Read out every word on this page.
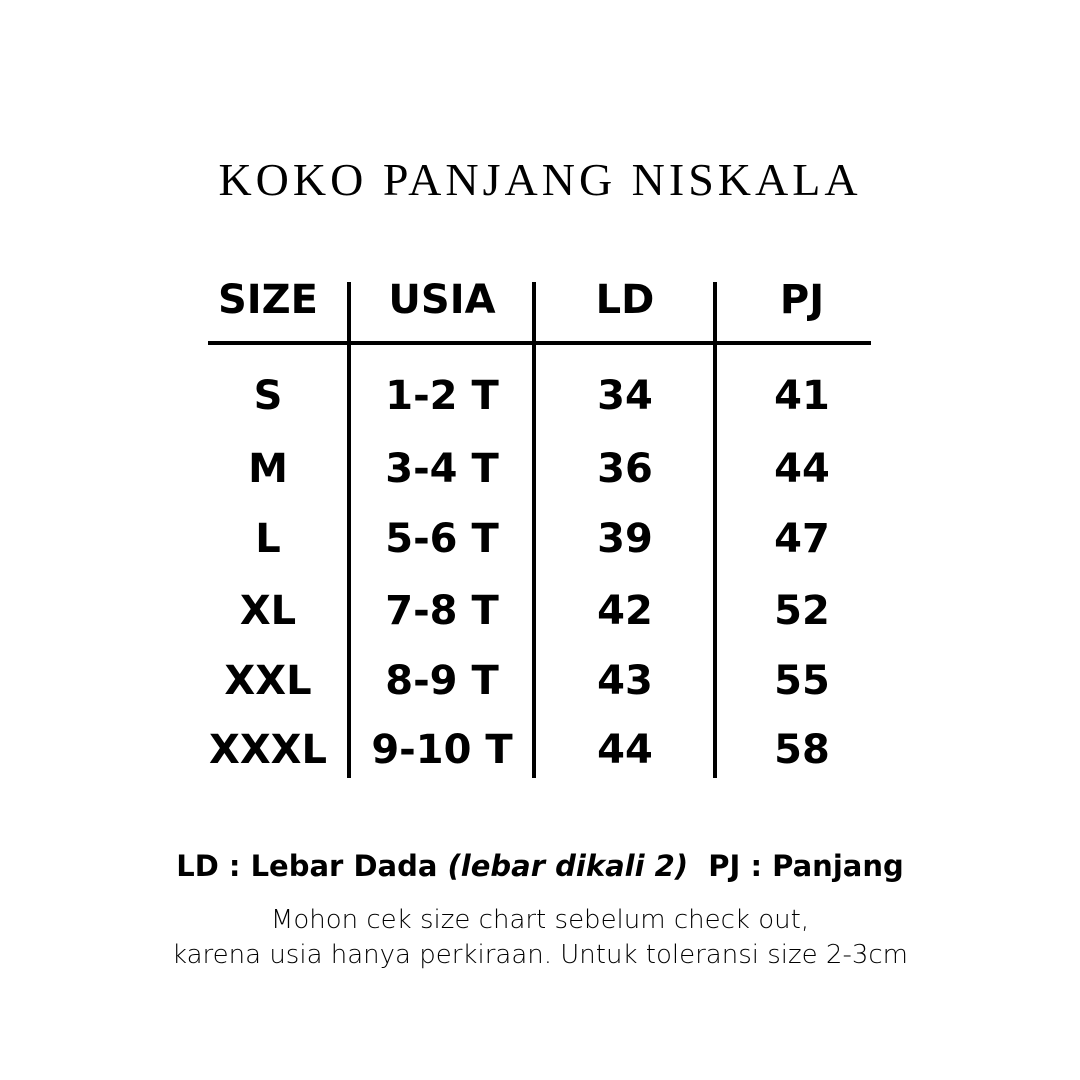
KOKO PANJANG NISKALA
SIZE	USIA	LD	PJ
S	1-2 T	34	41
M	3-4 T	36	44
L	5-6 T	39	47
XL	7-8 T	42	52
XXL	8-9 T	43	55
XXXL	9-10 T	44	58
LD : Lebar Dada (lebar dikali 2) PJ : Panjang
Mohon cek size chart sebelum check out,
karena usia hanya perkiraan. Untuk toleransi size 2-3cm
